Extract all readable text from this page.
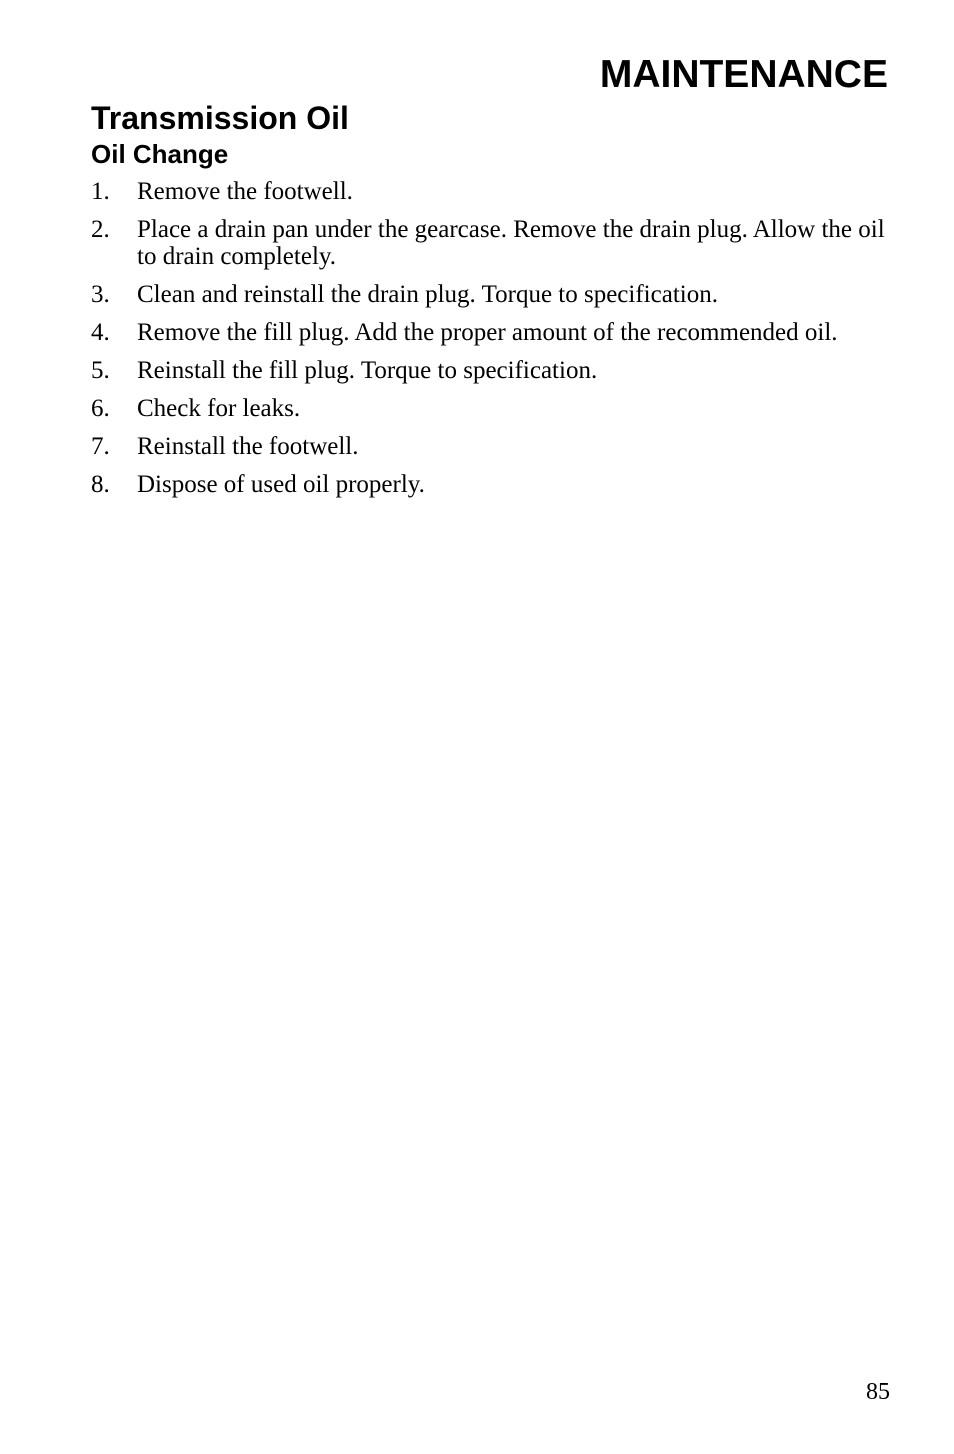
MAINTENANCE
Transmission Oil
Oil Change
1. Remove the footwell.
2. Place a drain pan under the gearcase. Remove the drain plug. Allow the oil to drain completely.
3. Clean and reinstall the drain plug. Torque to specification.
4. Remove the fill plug. Add the proper amount of the recommended oil.
5. Reinstall the fill plug. Torque to specification.
6. Check for leaks.
7. Reinstall the footwell.
8. Dispose of used oil properly.
85
